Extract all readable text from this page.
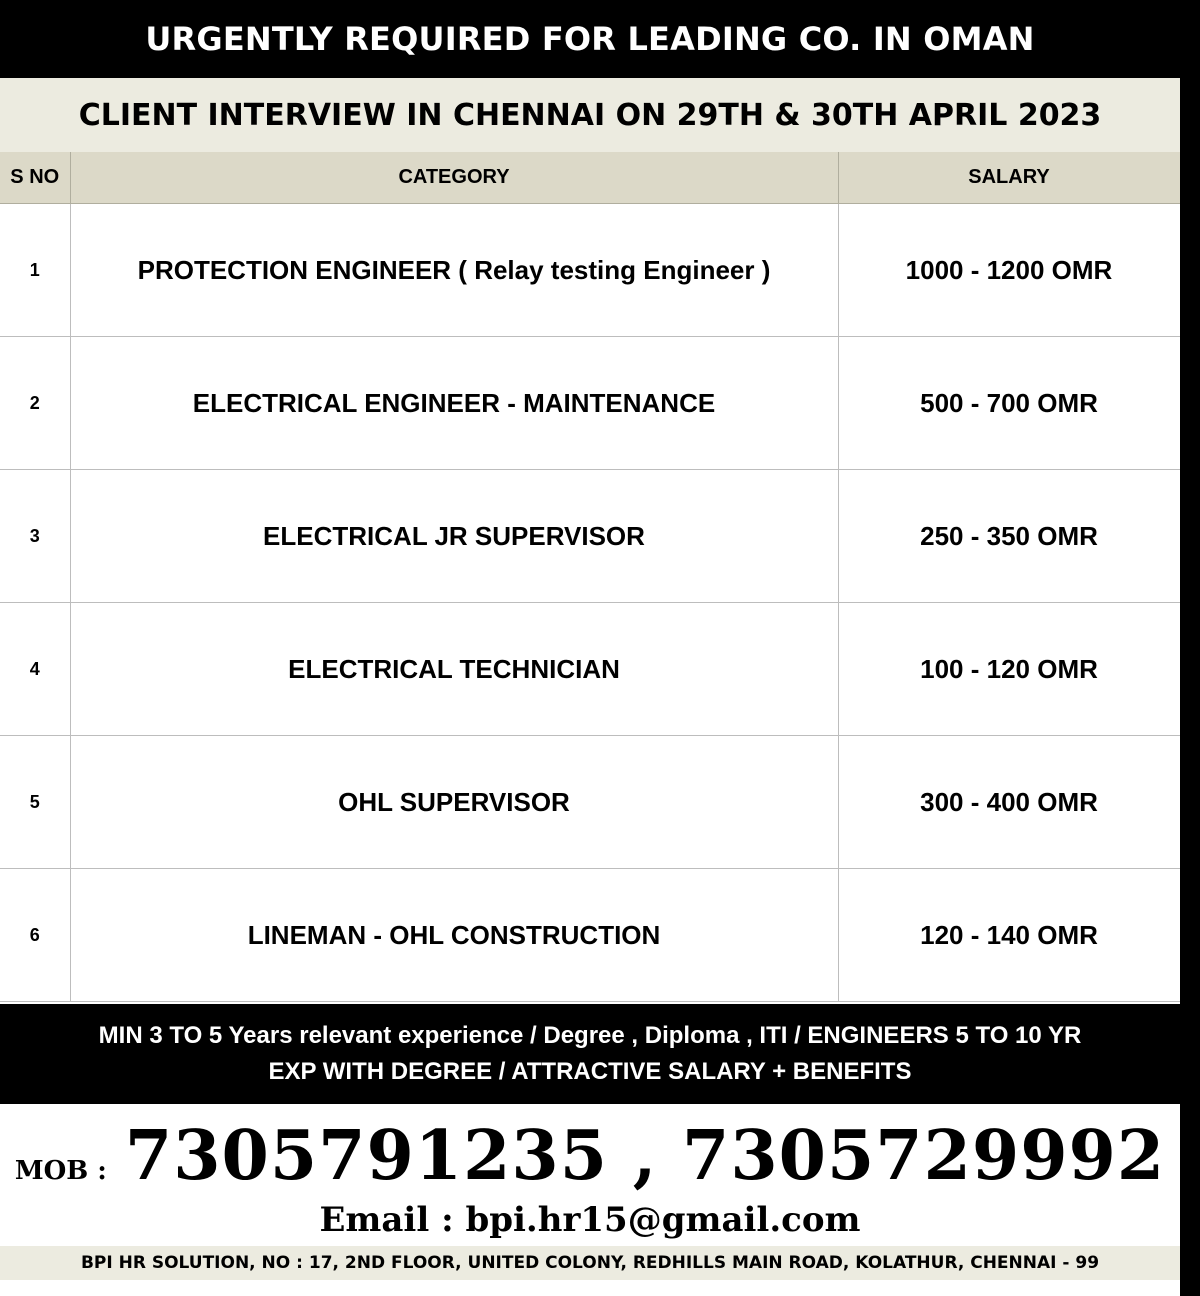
URGENTLY REQUIRED FOR LEADING CO. IN OMAN
CLIENT INTERVIEW IN CHENNAI ON 29TH & 30TH APRIL 2023
S NO	CATEGORY	SALARY
1	PROTECTION ENGINEER ( Relay testing Engineer )	1000 - 1200 OMR
2	ELECTRICAL ENGINEER - MAINTENANCE	500 - 700 OMR
3	ELECTRICAL JR SUPERVISOR	250 - 350 OMR
4	ELECTRICAL TECHNICIAN	100 - 120 OMR
5	OHL SUPERVISOR	300 - 400 OMR
6	LINEMAN - OHL CONSTRUCTION	120 - 140 OMR
MIN 3 TO 5 Years relevant experience / Degree , Diploma , ITI / ENGINEERS 5 TO 10 YR
EXP WITH DEGREE / ATTRACTIVE SALARY + BENEFITS
MOB : 7305791235 , 7305729992
Email : bpi.hr15@gmail.com
BPI HR SOLUTION, NO : 17, 2ND FLOOR, UNITED COLONY, REDHILLS MAIN ROAD, KOLATHUR, CHENNAI - 99
